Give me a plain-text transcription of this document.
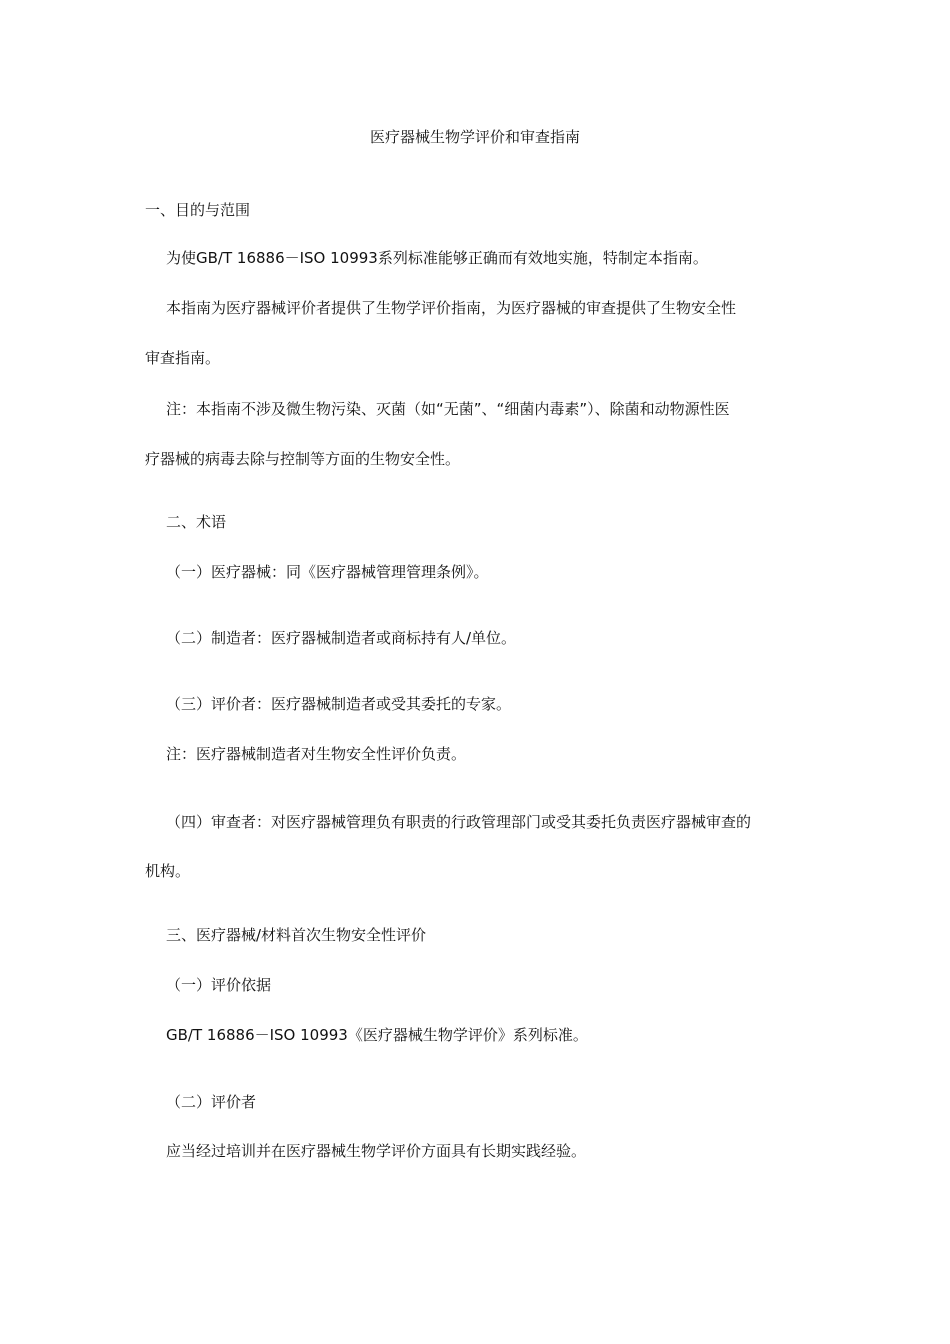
医疗器械生物学评价和审查指南
一、目的与范围
为使GB/T 16886－ISO 10993系列标准能够正确而有效地实施，特制定本指南。
本指南为医疗器械评价者提供了生物学评价指南，为医疗器械的审查提供了生物安全性
审查指南。
注：本指南不涉及微生物污染、灭菌（如“无菌”、“细菌内毒素”）、除菌和动物源性医
疗器械的病毒去除与控制等方面的生物安全性。
二、术语
（一）医疗器械：同《医疗器械管理管理条例》。
（二）制造者：医疗器械制造者或商标持有人/单位。
（三）评价者：医疗器械制造者或受其委托的专家。
注：医疗器械制造者对生物安全性评价负责。
（四）审查者：对医疗器械管理负有职责的行政管理部门或受其委托负责医疗器械审查的
机构。
三、医疗器械/材料首次生物安全性评价
（一）评价依据
GB/T 16886－ISO 10993《医疗器械生物学评价》系列标准。
（二）评价者
应当经过培训并在医疗器械生物学评价方面具有长期实践经验。
